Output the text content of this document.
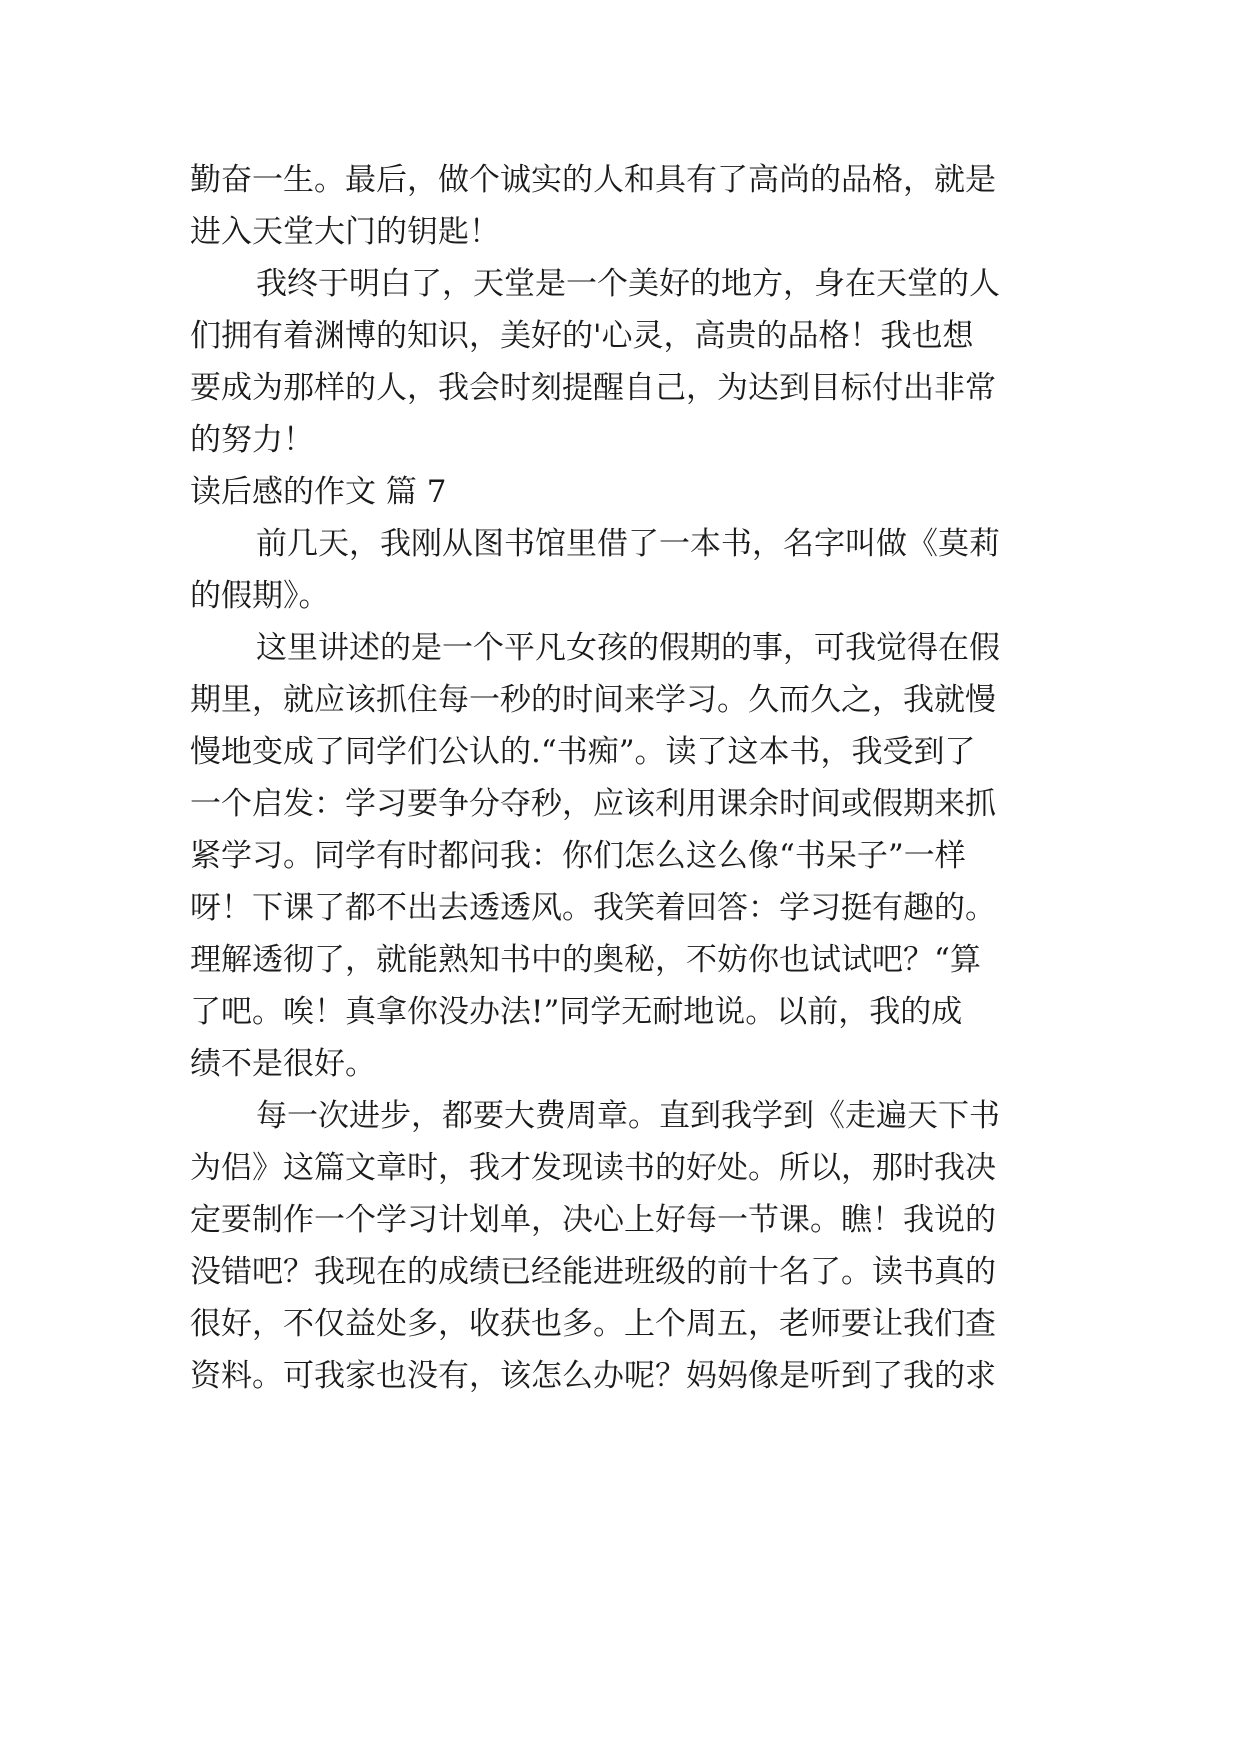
勤奋一生。最后，做个诚实的人和具有了高尚的品格，就是
进入天堂大门的钥匙！
我终于明白了，天堂是一个美好的地方，身在天堂的人
们拥有着渊博的知识，美好的'心灵，高贵的品格！我也想
要成为那样的人，我会时刻提醒自己，为达到目标付出非常
的努力！
读后感的作文 篇 7
前几天，我刚从图书馆里借了一本书，名字叫做《莫莉
的假期》。
这里讲述的是一个平凡女孩的假期的事，可我觉得在假
期里，就应该抓住每一秒的时间来学习。久而久之，我就慢
慢地变成了同学们公认的.“书痴”。读了这本书，我受到了
一个启发：学习要争分夺秒，应该利用课余时间或假期来抓
紧学习。同学有时都问我：你们怎么这么像“书呆子”一样
呀！下课了都不出去透透风。我笑着回答：学习挺有趣的。
理解透彻了，就能熟知书中的奥秘，不妨你也试试吧？“算
了吧。唉！真拿你没办法!”同学无耐地说。以前，我的成
绩不是很好。
每一次进步，都要大费周章。直到我学到《走遍天下书
为侣》这篇文章时，我才发现读书的好处。所以，那时我决
定要制作一个学习计划单，决心上好每一节课。瞧！我说的
没错吧？我现在的成绩已经能进班级的前十名了。读书真的
很好，不仅益处多，收获也多。上个周五，老师要让我们查
资料。可我家也没有，该怎么办呢？妈妈像是听到了我的求
